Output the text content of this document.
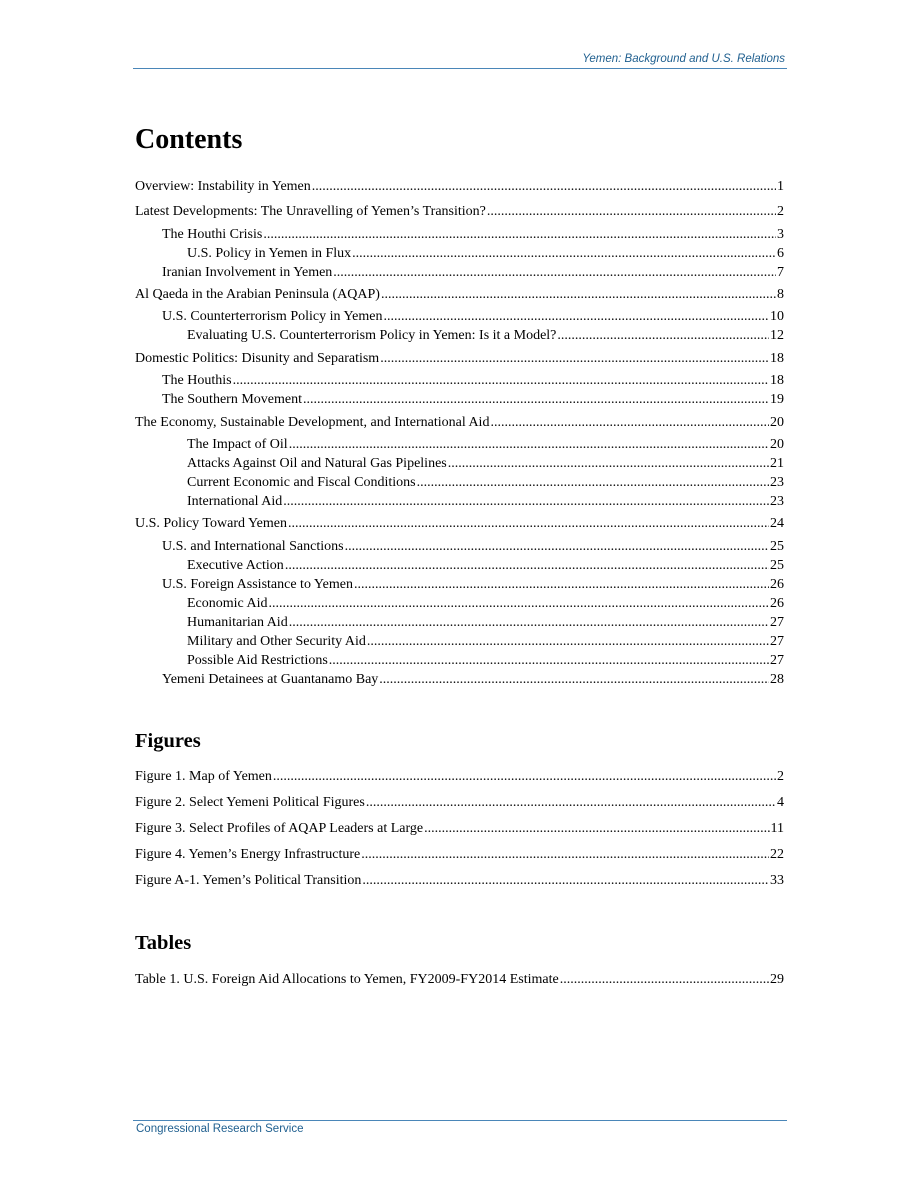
Yemen: Background and U.S. Relations
Contents
Overview: Instability in Yemen .....	1
Latest Developments: The Unravelling of Yemen’s Transition? .....	2
The Houthi Crisis .....	3
U.S. Policy in Yemen in Flux .....	6
Iranian Involvement in Yemen .....	7
Al Qaeda in the Arabian Peninsula (AQAP) .....	8
U.S. Counterterrorism Policy in Yemen .....	10
Evaluating U.S. Counterterrorism Policy in Yemen: Is it a Model? .....	12
Domestic Politics: Disunity and Separatism .....	18
The Houthis .....	18
The Southern Movement .....	19
The Economy, Sustainable Development, and International Aid .....	20
The Impact of Oil .....	20
Attacks Against Oil and Natural Gas Pipelines .....	21
Current Economic and Fiscal Conditions .....	23
International Aid .....	23
U.S. Policy Toward Yemen .....	24
U.S. and International Sanctions .....	25
Executive Action .....	25
U.S. Foreign Assistance to Yemen .....	26
Economic Aid .....	26
Humanitarian Aid .....	27
Military and Other Security Aid .....	27
Possible Aid Restrictions .....	27
Yemeni Detainees at Guantanamo Bay .....	28
Figures
Figure 1. Map of Yemen .....	2
Figure 2. Select Yemeni Political Figures .....	4
Figure 3. Select Profiles of AQAP Leaders at Large .....	11
Figure 4. Yemen’s Energy Infrastructure .....	22
Figure A-1. Yemen’s Political Transition .....	33
Tables
Table 1. U.S. Foreign Aid Allocations to Yemen, FY2009-FY2014 Estimate .....	29
Congressional Research Service
